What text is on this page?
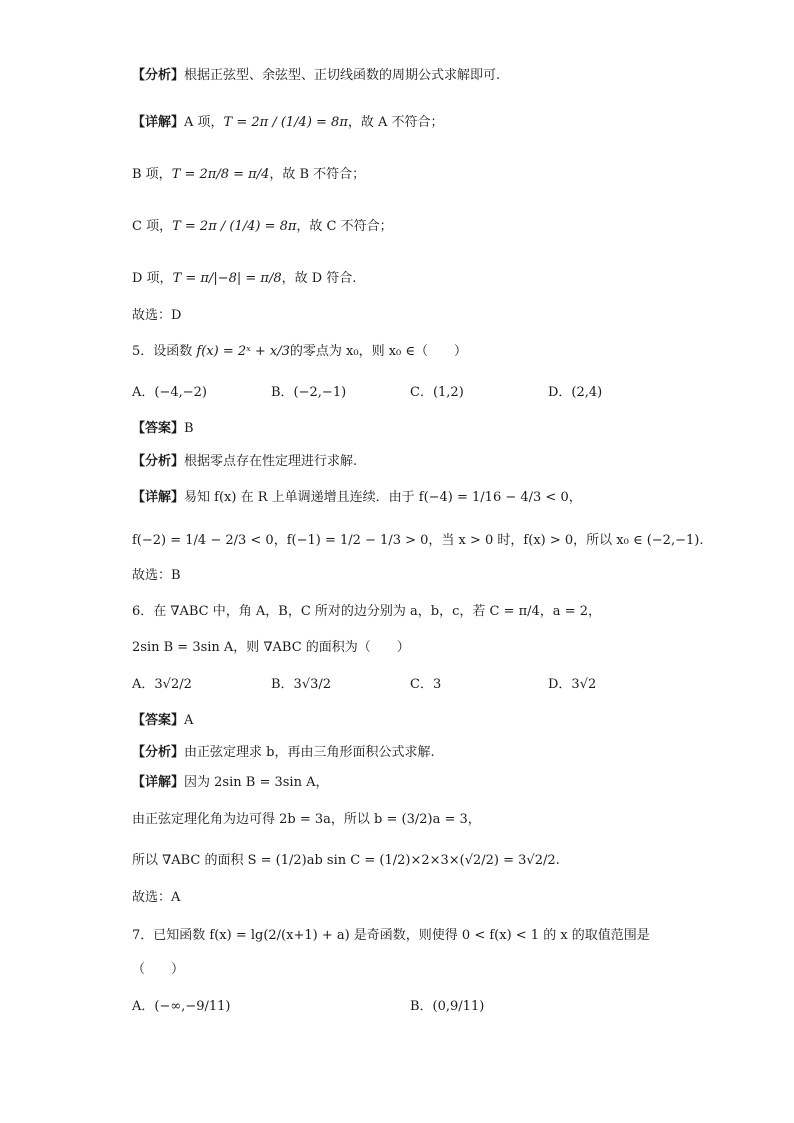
【分析】根据正弦型、余弦型、正切线函数的周期公式求解即可.
【详解】A 项，T = 2π / (1/4) = 8π，故 A 不符合；
B 项，T = 2π/8 = π/4，故 B 不符合；
C 项，T = 2π / (1/4) = 8π，故 C 不符合；
D 项，T = π/|−8| = π/8，故 D 符合.
故选：D
5．设函数 f(x) = 2ˣ + x/3的零点为 x₀，则 x₀ ∈（　　）
A．(−4,−2)	B．(−2,−1)	C．(1,2)	D．(2,4)
【答案】B
【分析】根据零点存在性定理进行求解.
【详解】易知 f(x) 在 R 上单调递增且连续．由于 f(−4) = 1/16 − 4/3 < 0，
f(−2) = 1/4 − 2/3 < 0，f(−1) = 1/2 − 1/3 > 0，当 x > 0 时，f(x) > 0，所以 x₀ ∈ (−2,−1).
故选：B
6．在 ∇ABC 中，角 A，B，C 所对的边分别为 a，b，c，若 C = π/4，a = 2，
2sin B = 3sin A，则 ∇ABC 的面积为（　　）
A．3√2/2	B．3√3/2	C．3	D．3√2
【答案】A
【分析】由正弦定理求 b，再由三角形面积公式求解.
【详解】因为 2sin B = 3sin A，
由正弦定理化角为边可得 2b = 3a，所以 b = (3/2)a = 3，
所以 ∇ABC 的面积 S = (1/2)ab sin C = (1/2)×2×3×(√2/2) = 3√2/2.
故选：A
7．已知函数 f(x) = lg(2/(x+1) + a) 是奇函数，则使得 0 < f(x) < 1 的 x 的取值范围是
（　　）
A．(−∞,−9/11)	B．(0,9/11)
